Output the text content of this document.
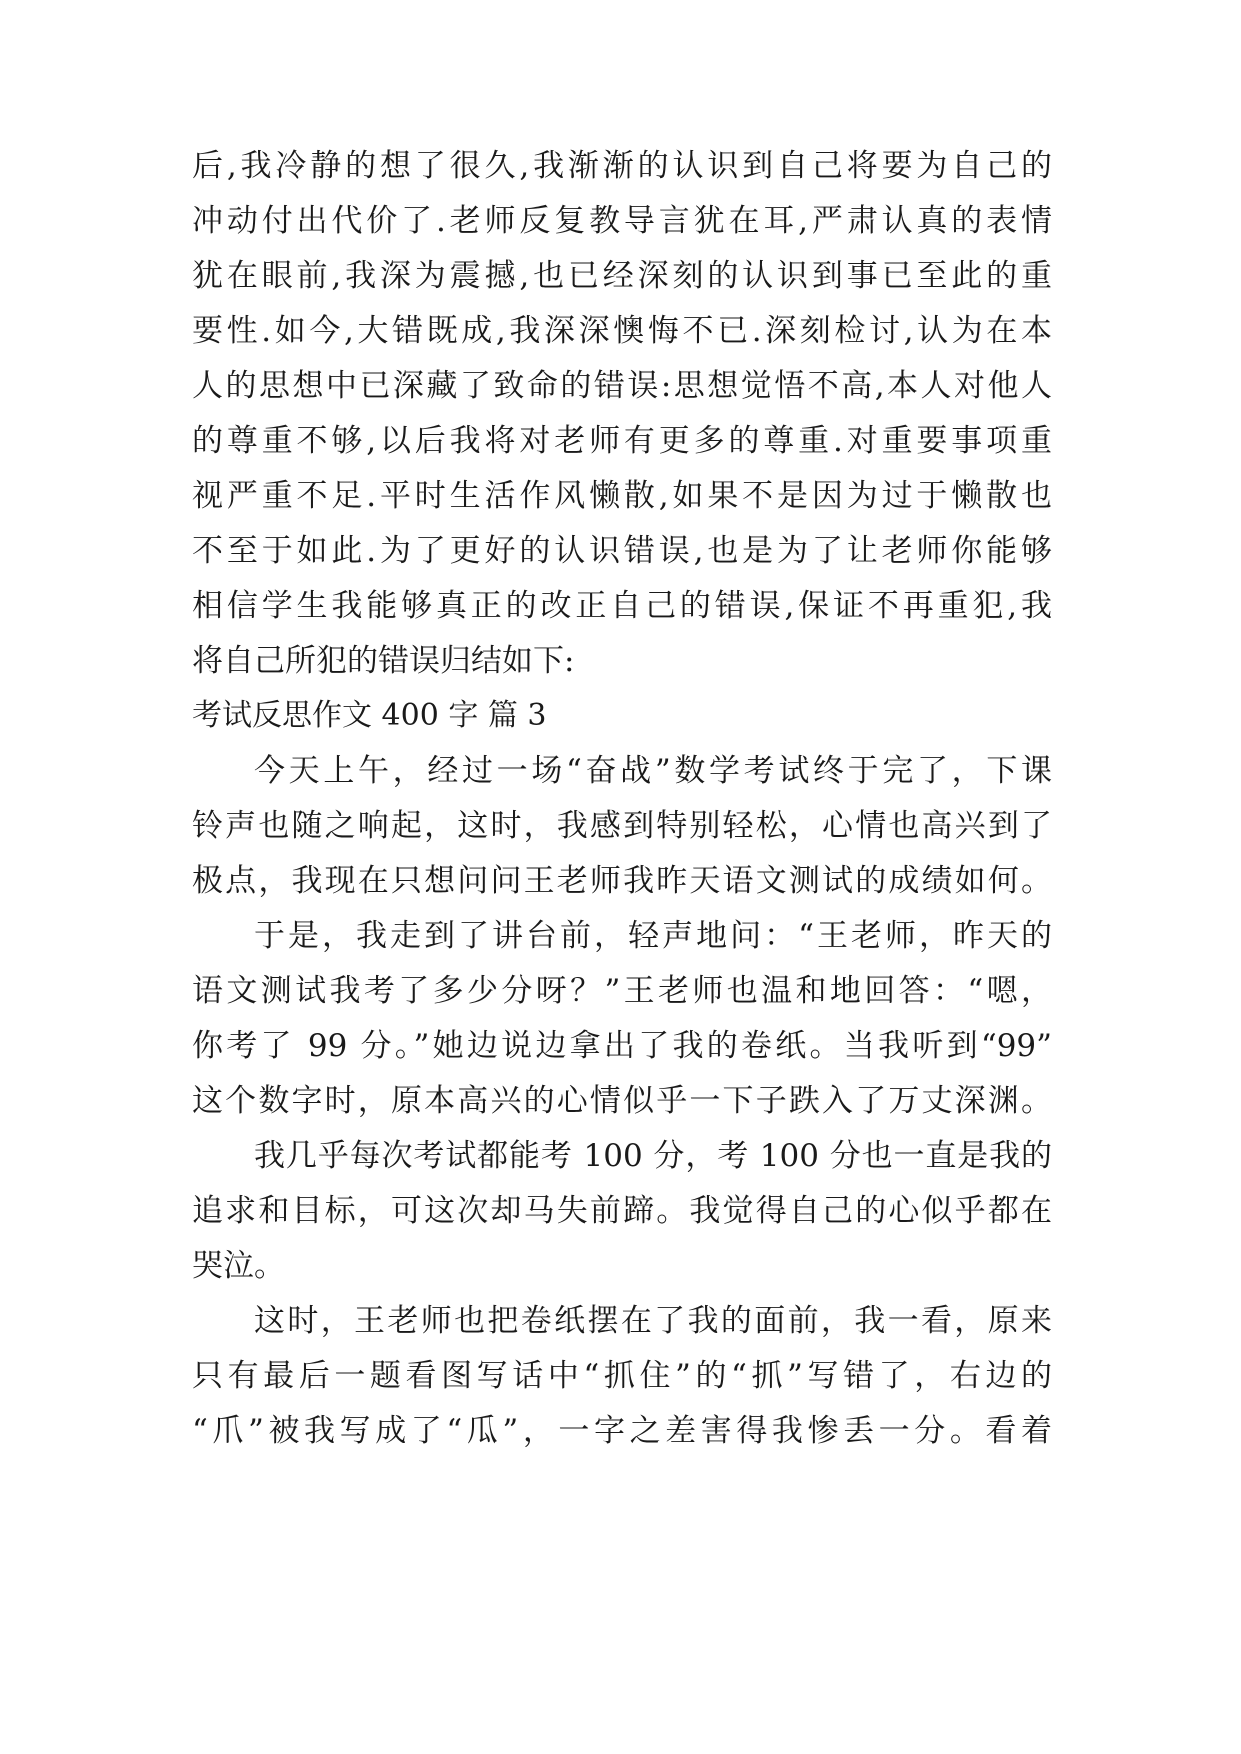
后,我冷静的想了很久,我渐渐的认识到自己将要为自己的
冲动付出代价了.老师反复教导言犹在耳,严肃认真的表情
犹在眼前,我深为震撼,也已经深刻的认识到事已至此的重
要性.如今,大错既成,我深深懊悔不已.深刻检讨,认为在本
人的思想中已深藏了致命的错误:思想觉悟不高,本人对他人
的尊重不够,以后我将对老师有更多的尊重.对重要事项重
视严重不足.平时生活作风懒散,如果不是因为过于懒散也
不至于如此.为了更好的认识错误,也是为了让老师你能够
相信学生我能够真正的改正自己的错误,保证不再重犯,我
将自己所犯的错误归结如下:
考试反思作文 400 字 篇 3
今天上午，经过一场“奋战”数学考试终于完了，下课
铃声也随之响起，这时，我感到特别轻松，心情也高兴到了
极点，我现在只想问问王老师我昨天语文测试的成绩如何。
于是，我走到了讲台前，轻声地问：“王老师，昨天的
语文测试我考了多少分呀？”王老师也温和地回答：“嗯，
你考了 99 分。”她边说边拿出了我的卷纸。当我听到“99”
这个数字时，原本高兴的心情似乎一下子跌入了万丈深渊。
我几乎每次考试都能考 100 分，考 100 分也一直是我的
追求和目标，可这次却马失前蹄。我觉得自己的心似乎都在
哭泣。
这时，王老师也把卷纸摆在了我的面前，我一看，原来
只有最后一题看图写话中“抓住”的“抓”写错了，右边的
“爪”被我写成了“瓜”，一字之差害得我惨丢一分。看着
